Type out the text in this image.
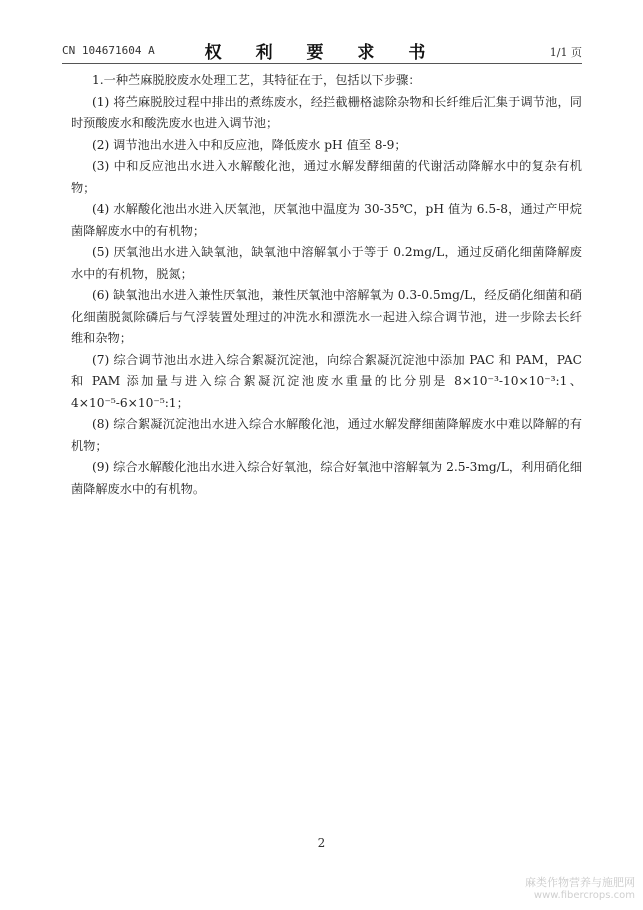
CN 104671604 A	权 利 要 求 书	1/1 页

1.一种苎麻脱胶废水处理工艺，其特征在于，包括以下步骤：

(1) 将苎麻脱胶过程中排出的煮练废水，经拦截栅格滤除杂物和长纤维后汇集于调节池，同时预酸废水和酸洗废水也进入调节池；

(2) 调节池出水进入中和反应池，降低废水 pH 值至 8-9；

(3) 中和反应池出水进入水解酸化池，通过水解发酵细菌的代谢活动降解水中的复杂有机物；

(4) 水解酸化池出水进入厌氧池，厌氧池中温度为 30-35℃，pH 值为 6.5-8，通过产甲烷菌降解废水中的有机物；

(5) 厌氧池出水进入缺氧池，缺氧池中溶解氧小于等于 0.2mg/L，通过反硝化细菌降解废水中的有机物，脱氮；

(6) 缺氧池出水进入兼性厌氧池，兼性厌氧池中溶解氧为 0.3-0.5mg/L，经反硝化细菌和硝化细菌脱氮除磷后与气浮装置处理过的冲洗水和漂洗水一起进入综合调节池，进一步除去长纤维和杂物；

(7) 综合调节池出水进入综合絮凝沉淀池，向综合絮凝沉淀池中添加 PAC 和 PAM，PAC 和 PAM 添加量与进入综合絮凝沉淀池废水重量的比分别是 8×10⁻³-10×10⁻³:1、4×10⁻⁵-6×10⁻⁵:1；

(8) 综合絮凝沉淀池出水进入综合水解酸化池，通过水解发酵细菌降解废水中难以降解的有机物；

(9) 综合水解酸化池出水进入综合好氧池，综合好氧池中溶解氧为 2.5-3mg/L，利用硝化细菌降解废水中的有机物。

2
麻类作物营养与施肥网
www.fibercrops.com
